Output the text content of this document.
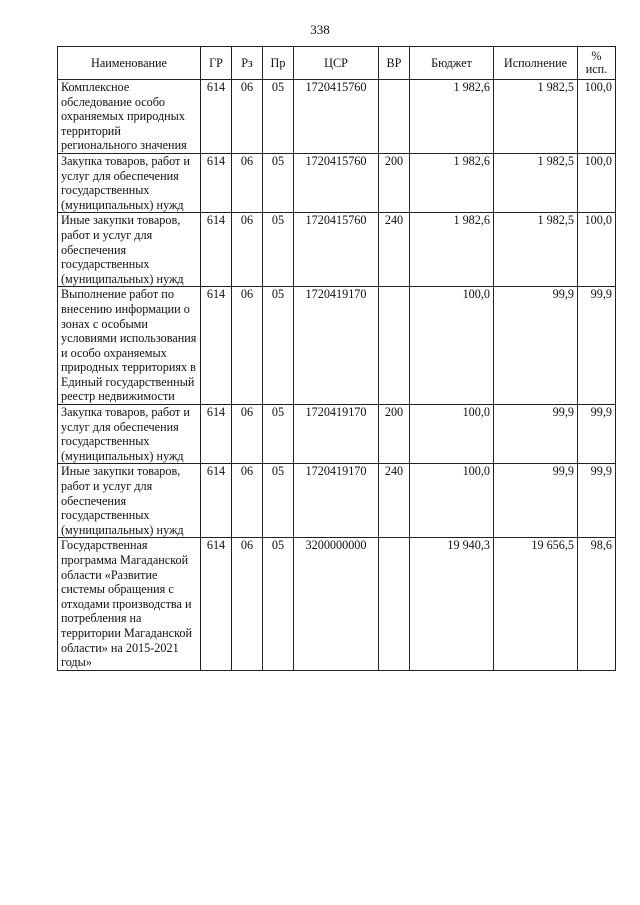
338
Наименование	ГР	Рз	Пр	ЦСР	ВР	Бюджет	Исполнение	% исп.
Комплексное обследование особо охраняемых природных территорий регионального значения	614	06	05	1720415760		1 982,6	1 982,5	100,0
Закупка товаров, работ и услуг для обеспечения государственных (муниципальных) нужд	614	06	05	1720415760	200	1 982,6	1 982,5	100,0
Иные закупки товаров, работ и услуг для обеспечения государственных (муниципальных) нужд	614	06	05	1720415760	240	1 982,6	1 982,5	100,0
Выполнение работ по внесению информации о зонах с особыми условиями использования и особо охраняемых природных территориях в Единый государственный реестр недвижимости	614	06	05	1720419170		100,0	99,9	99,9
Закупка товаров, работ и услуг для обеспечения государственных (муниципальных) нужд	614	06	05	1720419170	200	100,0	99,9	99,9
Иные закупки товаров, работ и услуг для обеспечения государственных (муниципальных) нужд	614	06	05	1720419170	240	100,0	99,9	99,9
Государственная программа Магаданской области «Развитие системы обращения с отходами производства и потребления на территории Магаданской области» на 2015-2021 годы»	614	06	05	3200000000		19 940,3	19 656,5	98,6
